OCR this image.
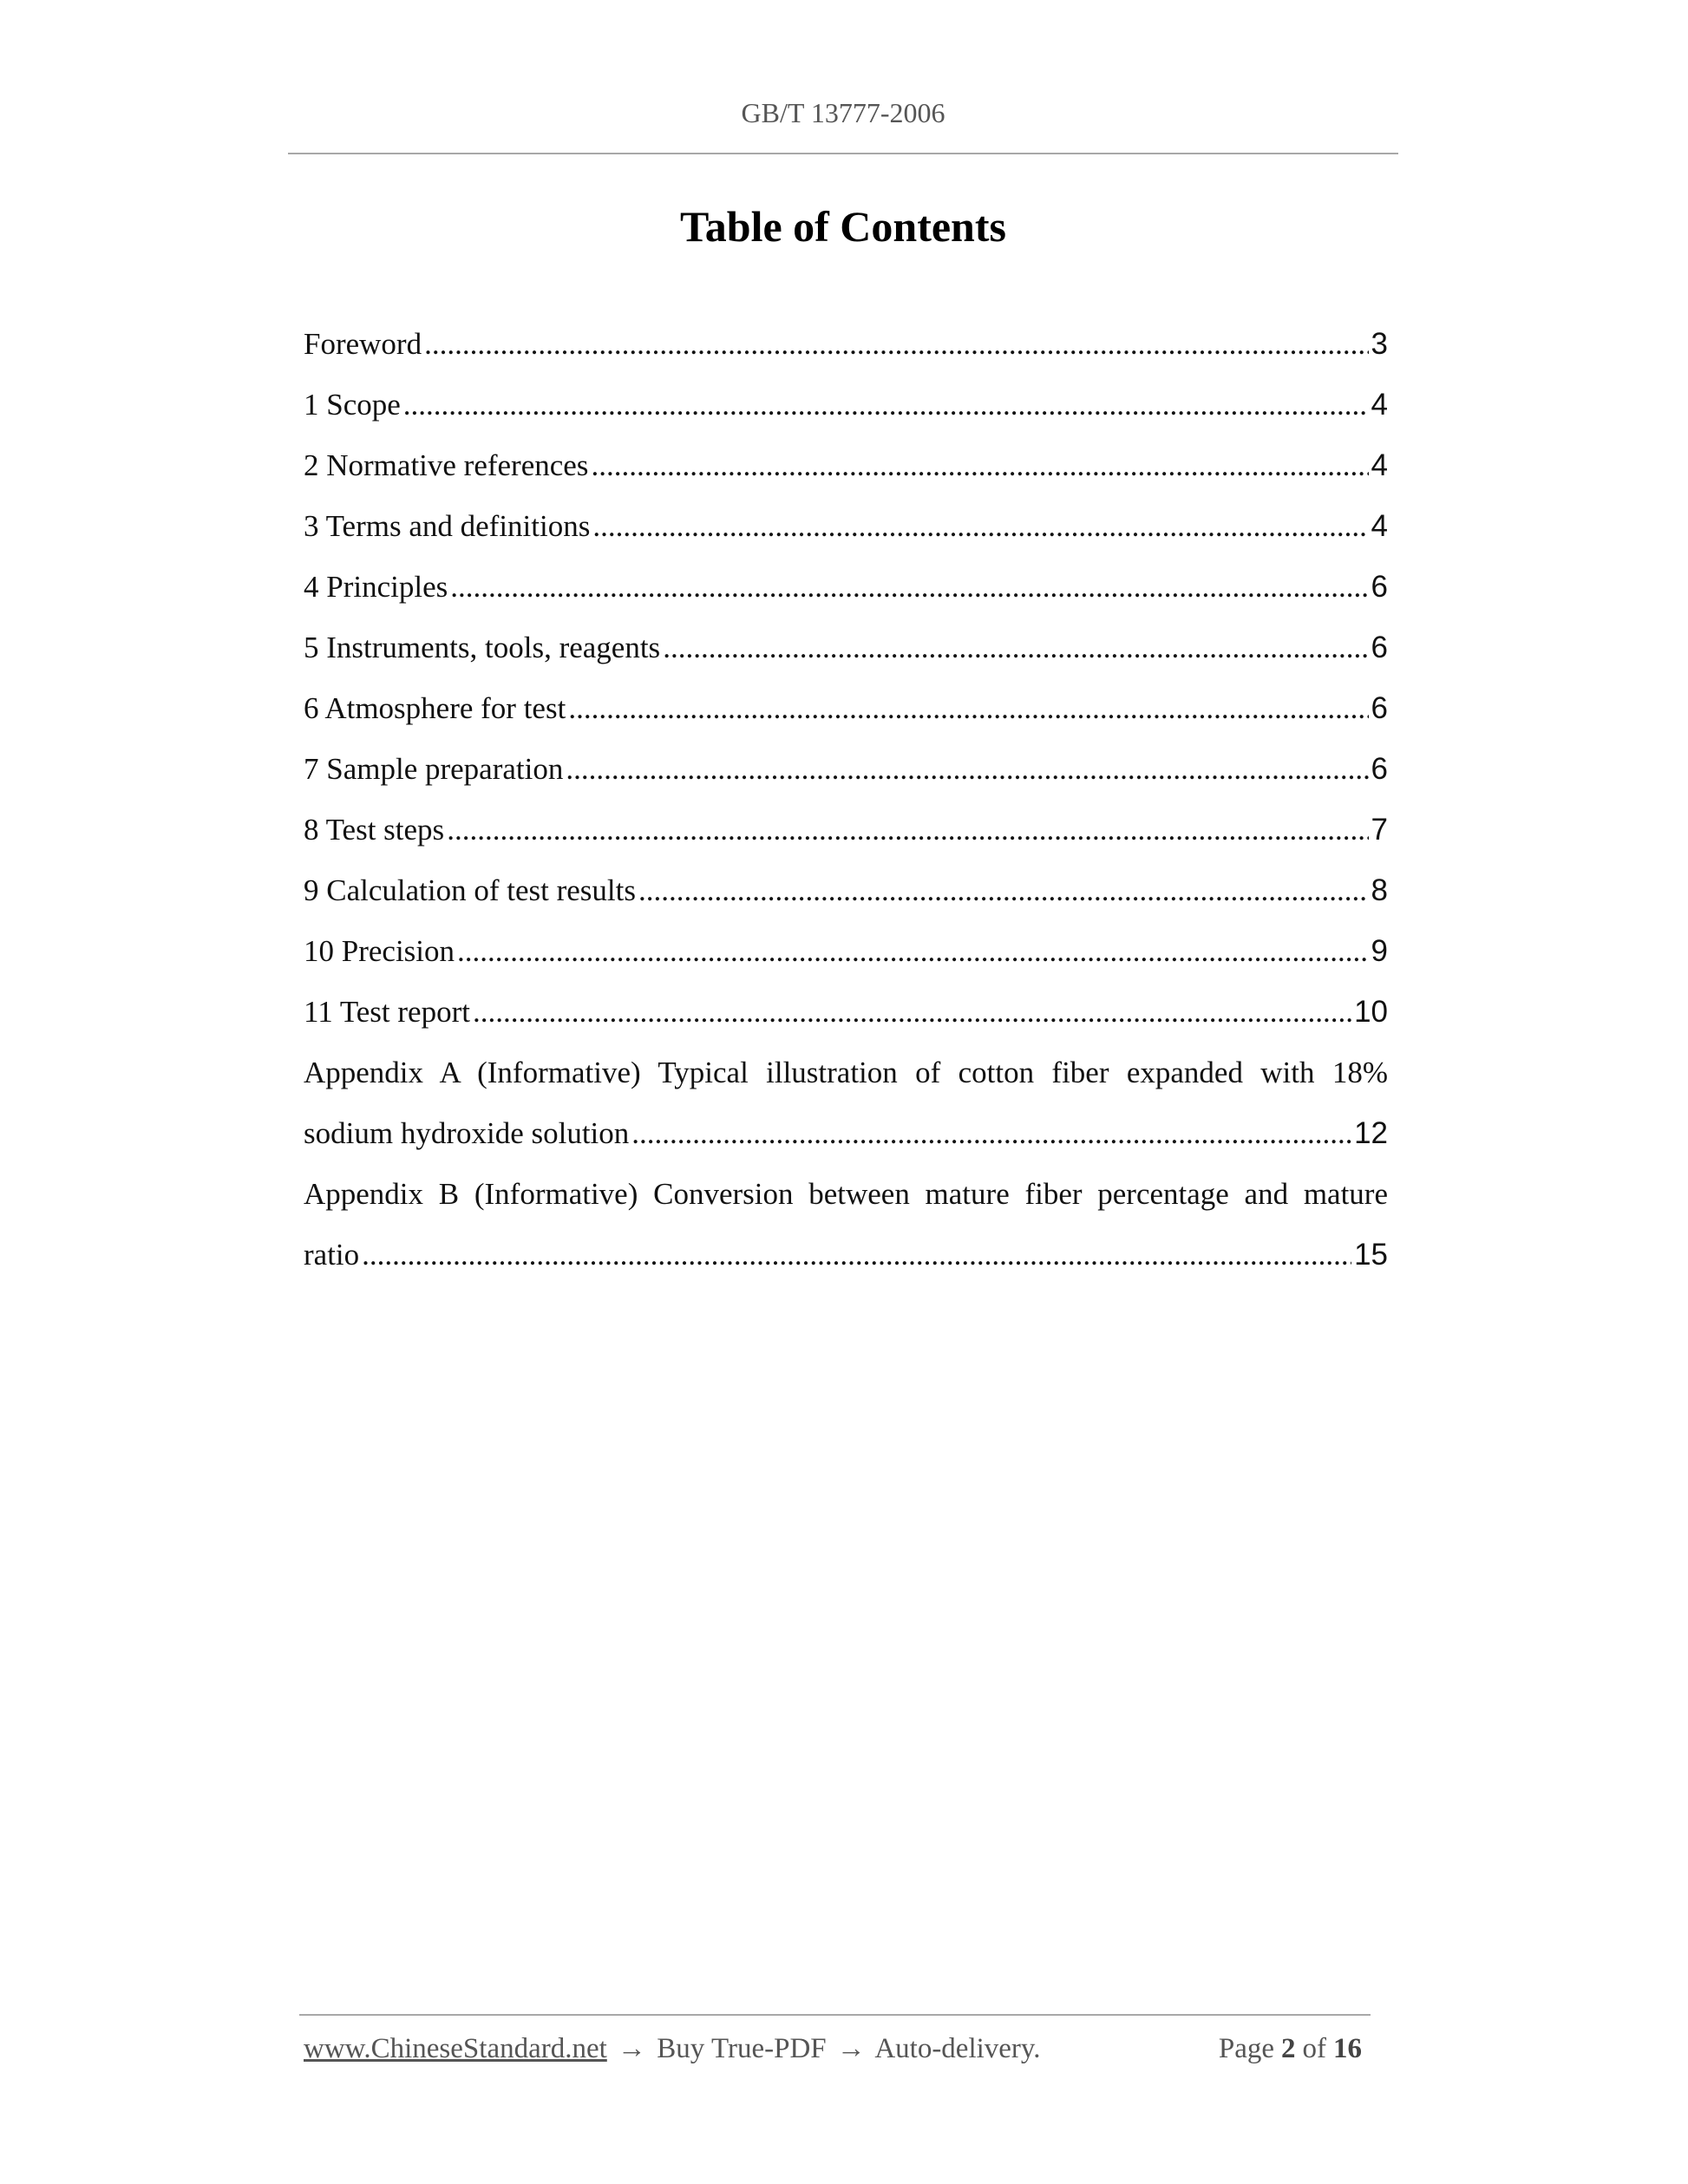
GB/T 13777-2006
Table of Contents
Foreword .....	3
1 Scope .....	4
2 Normative references .....	4
3 Terms and definitions .....	4
4 Principles .....	6
5 Instruments, tools, reagents .....	6
6 Atmosphere for test .....	6
7 Sample preparation .....	6
8 Test steps .....	7
9 Calculation of test results .....	8
10 Precision .....	9
11 Test report .....	10
Appendix A (Informative) Typical illustration of cotton fiber expanded with 18%
sodium hydroxide solution .....	12
Appendix B (Informative) Conversion between mature fiber percentage and mature
ratio .....	15
www.ChineseStandard.net → Buy True-PDF → Auto-delivery.	Page 2 of 16
